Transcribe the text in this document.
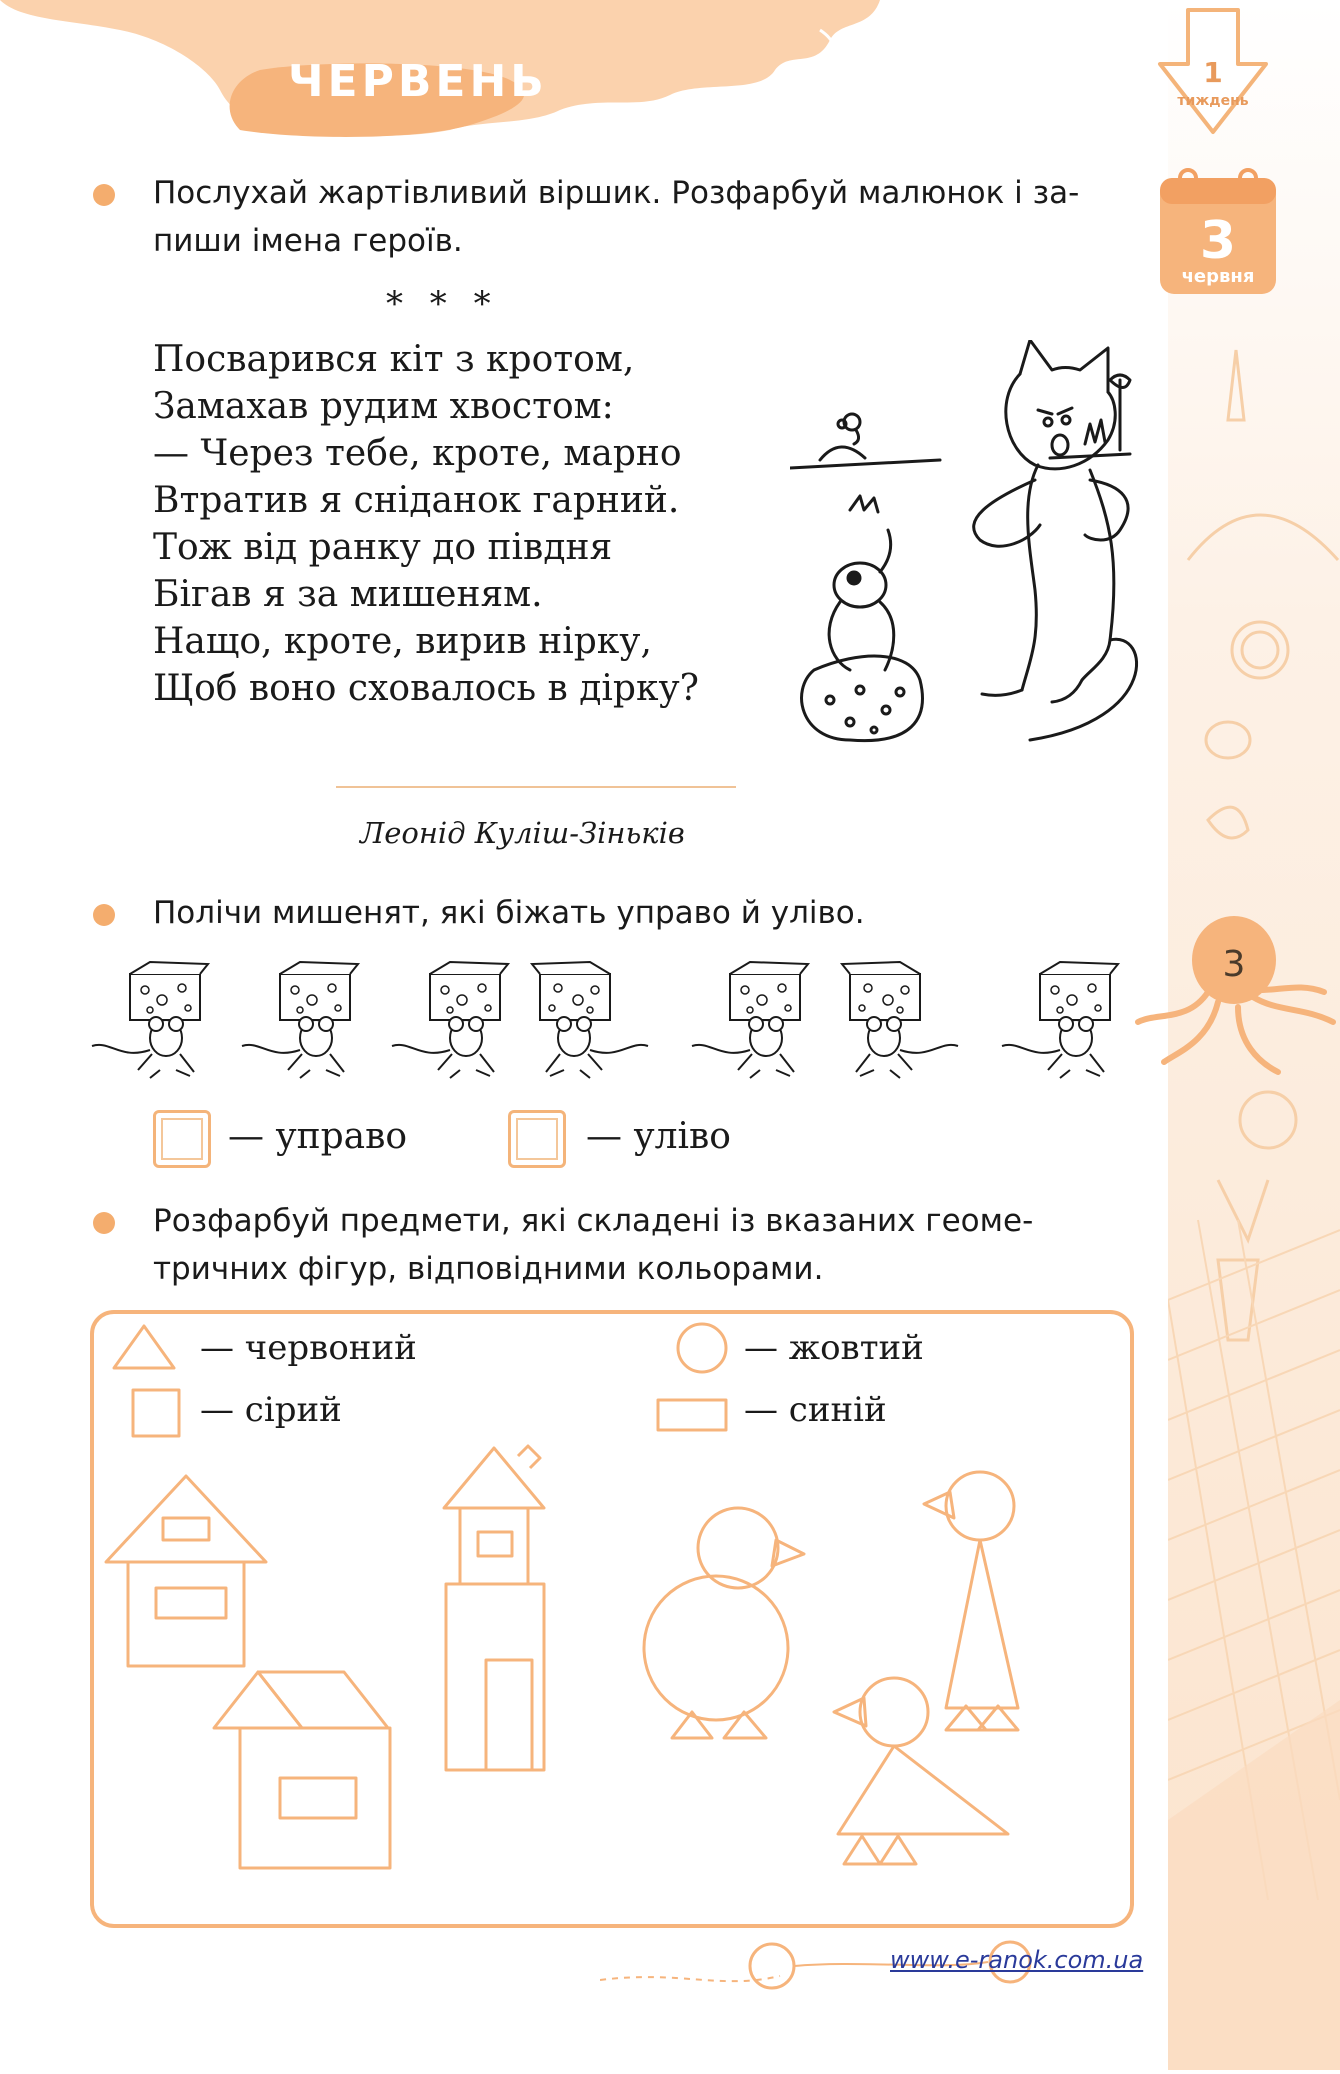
ЧЕРВЕНЬ	1
тиждень
3
червня
3
Послухай жартівливий віршик. Розфарбуй малюнок і за-
пиши імена героїв.
* * *
Посварився кіт з кротом,
Замахав рудим хвостом:
— Через тебе, кроте, марно
Втратив я сніданок гарний.
Тож від ранку до півдня
Бігав я за мишеням.
Нащо, кроте, вирив нірку,
Щоб воно сховалось в дірку?
Леонід Куліш-Зіньків
Полічи мишенят, які біжать управо й уліво.
— управо	— уліво
Розфарбуй предмети, які складені із вказаних геоме-
тричних фігур, відповідними кольорами.
— червоний
— сірий
— жовтий
— синій
www.e-ranok.com.ua
